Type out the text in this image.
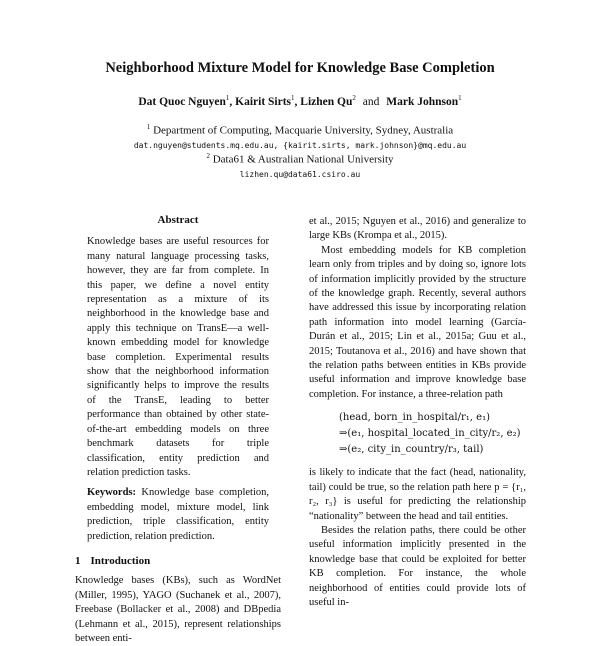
Neighborhood Mixture Model for Knowledge Base Completion
Dat Quoc Nguyen$^1$, Kairit Sirts$^1$, Lizhen Qu$^2$ and Mark Johnson$^1$
$^1$ Department of Computing, Macquarie University, Sydney, Australia
dat.nguyen@students.mq.edu.au, {kairit.sirts, mark.johnson}@mq.edu.au
$^2$ Data61 & Australian National University
lizhen.qu@data61.csiro.au
Abstract

Knowledge bases are useful resources for many natural language processing tasks, however, they are far from complete. In this paper, we define a novel entity representation as a mixture of its neighborhood in the knowledge base and apply this technique on TransE—a well-known embedding model for knowledge base completion. Experimental results show that the neighborhood information significantly helps to improve the results of the TransE, leading to better performance than obtained by other state-of-the-art embedding models on three benchmark datasets for triple classification, entity prediction and relation prediction tasks.

Keywords: Knowledge base completion, embedding model, mixture model, link prediction, triple classification, entity prediction, relation prediction.

1 Introduction

Knowledge bases (KBs), such as WordNet (Miller, 1995), YAGO (Suchanek et al., 2007), Freebase (Bollacker et al., 2008) and DBpedia (Lehmann et al., 2015), represent relationships between enti-

et al., 2015; Nguyen et al., 2016) and generalize to large KBs (Krompa et al., 2015).

Most embedding models for KB completion learn only from triples and by doing so, ignore lots of information implicitly provided by the structure of the knowledge graph. Recently, several authors have addressed this issue by incorporating relation path information into model learning (García-Durán et al., 2015; Lin et al., 2015a; Guu et al., 2015; Toutanova et al., 2016) and have shown that the relation paths between entities in KBs provide useful information and improve knowledge base completion. For instance, a three-relation path

(head, born_in_hospital/r₁, e₁)
⇒(e₁, hospital_located_in_city/r₂, e₂)
⇒(e₂, city_in_country/r₃, tail)

is likely to indicate that the fact (head, nationality, tail) could be true, so the relation path here p = {r₁, r₂, r₃} is useful for predicting the relationship “nationality” between the head and tail entities.

Besides the relation paths, there could be other useful information implicitly presented in the knowledge base that could be exploited for better KB completion. For instance, the whole neighborhood of entities could provide lots of useful in-
